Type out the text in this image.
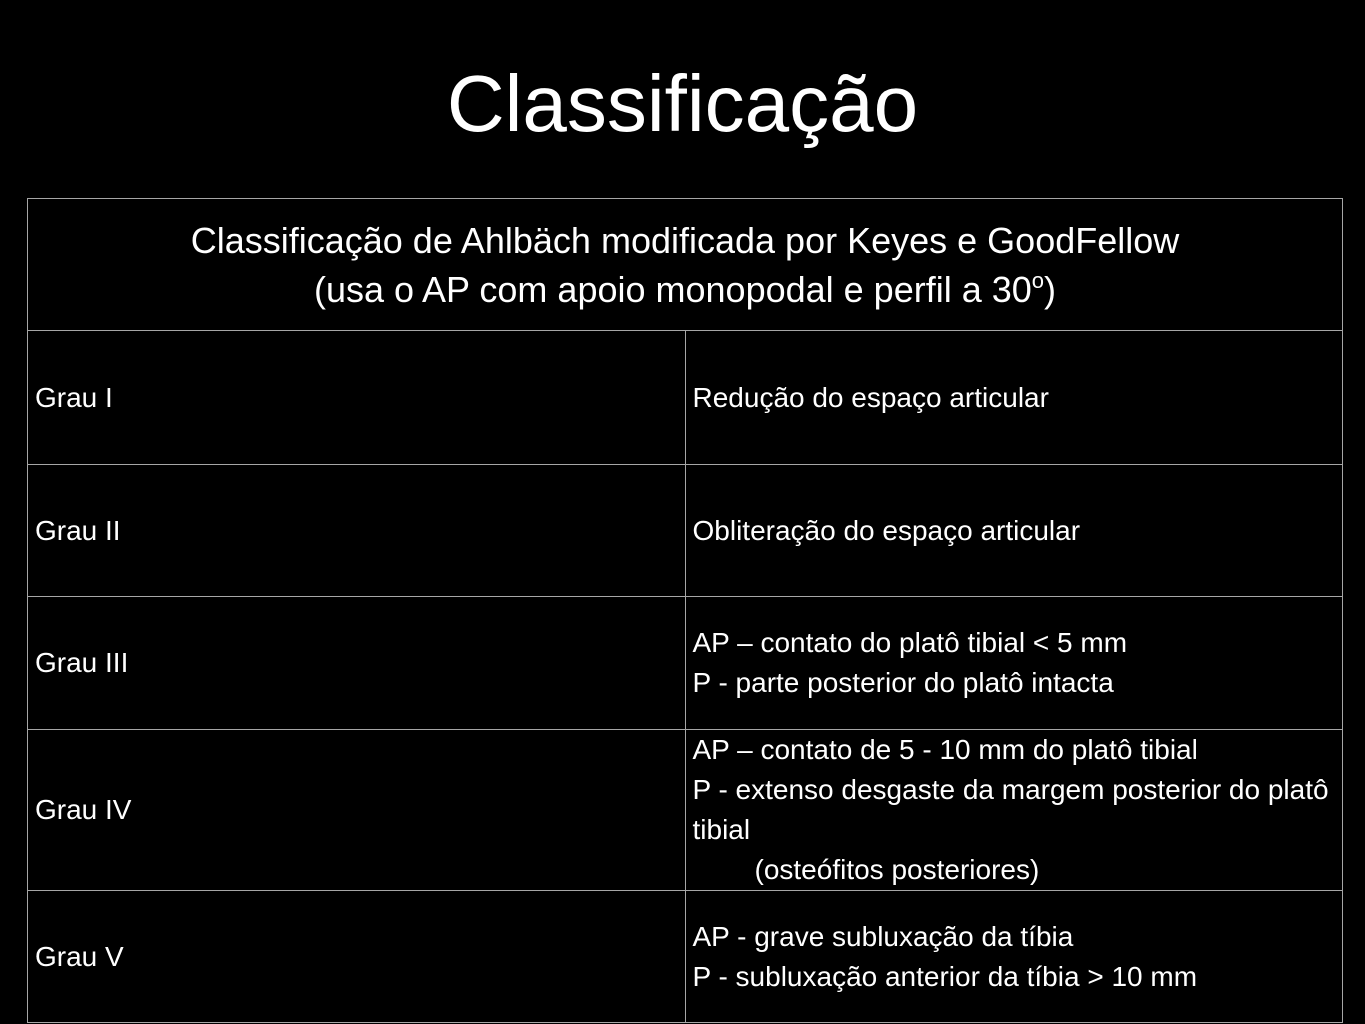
Classificação
Classificação de Ahlbäch modificada por Keyes e GoodFellow
(usa o AP com apoio monopodal e perfil a 30$^o$)	
Grau I	Redução do espaço articular

Grau II	Obliteração do espaço articular

Grau III	AP – contato do platô tibial < 5 mm
P - parte posterior do platô intacta

Grau IV	AP – contato de 5 - 10 mm do platô tibial
P - extenso desgaste da margem posterior do platô tibial
(osteófitos posteriores)

Grau V	AP - grave subluxação da tíbia
P - subluxação anterior da tíbia > 10 mm
